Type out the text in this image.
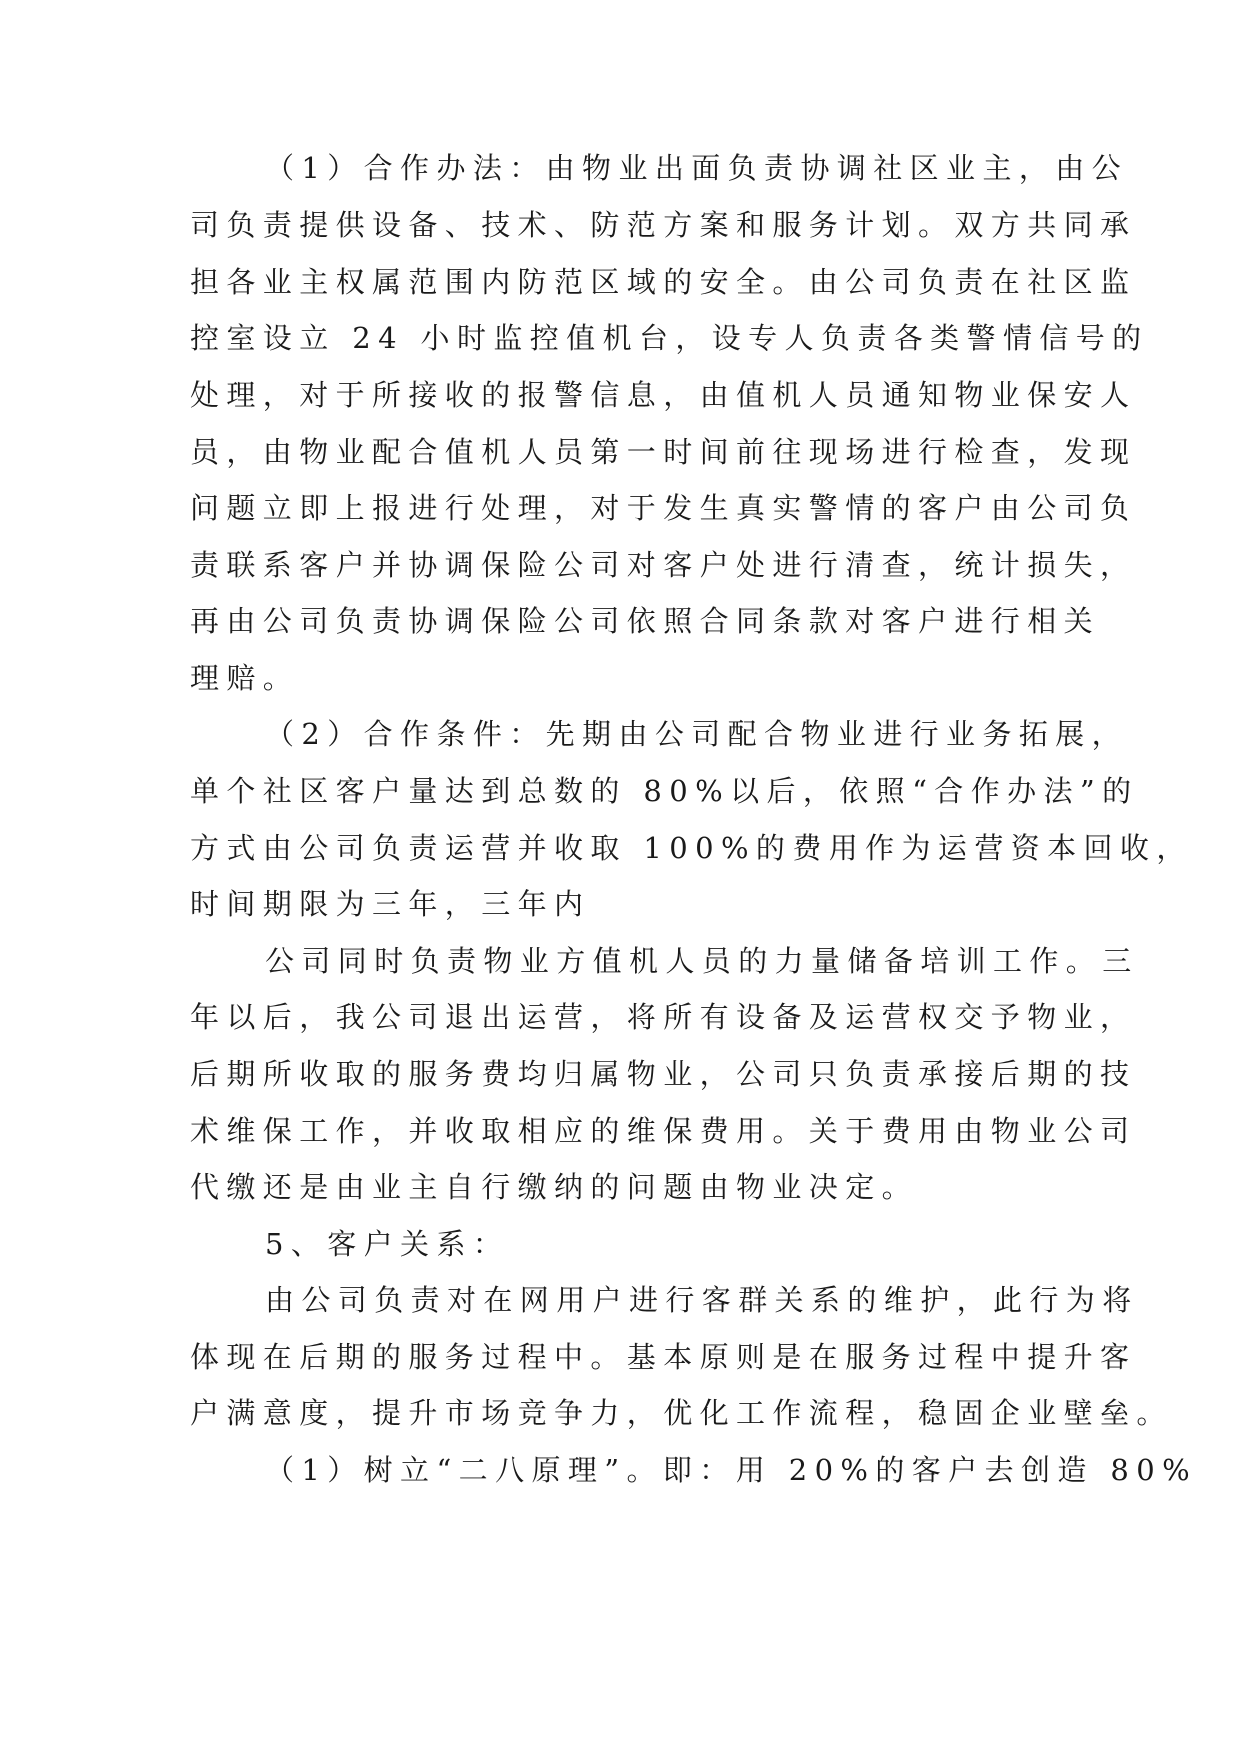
（1）合作办法：由物业出面负责协调社区业主，由公

司负责提供设备、技术、防范方案和服务计划。双方共同承

担各业主权属范围内防范区域的安全。由公司负责在社区监

控室设立 24 小时监控值机台，设专人负责各类警情信号的

处理，对于所接收的报警信息，由值机人员通知物业保安人

员，由物业配合值机人员第一时间前往现场进行检查，发现

问题立即上报进行处理，对于发生真实警情的客户由公司负

责联系客户并协调保险公司对客户处进行清查，统计损失，

再由公司负责协调保险公司依照合同条款对客户进行相关

理赔。

（2）合作条件：先期由公司配合物业进行业务拓展，

单个社区客户量达到总数的 80%以后，依照“合作办法”的

方式由公司负责运营并收取 100%的费用作为运营资本回收，

时间期限为三年，三年内

公司同时负责物业方值机人员的力量储备培训工作。三

年以后，我公司退出运营，将所有设备及运营权交予物业，

后期所收取的服务费均归属物业，公司只负责承接后期的技

术维保工作，并收取相应的维保费用。关于费用由物业公司

代缴还是由业主自行缴纳的问题由物业决定。

5、客户关系：

由公司负责对在网用户进行客群关系的维护，此行为将

体现在后期的服务过程中。基本原则是在服务过程中提升客

户满意度，提升市场竞争力，优化工作流程，稳固企业壁垒。

（1）树立“二八原理”。即：用 20%的客户去创造 80%
